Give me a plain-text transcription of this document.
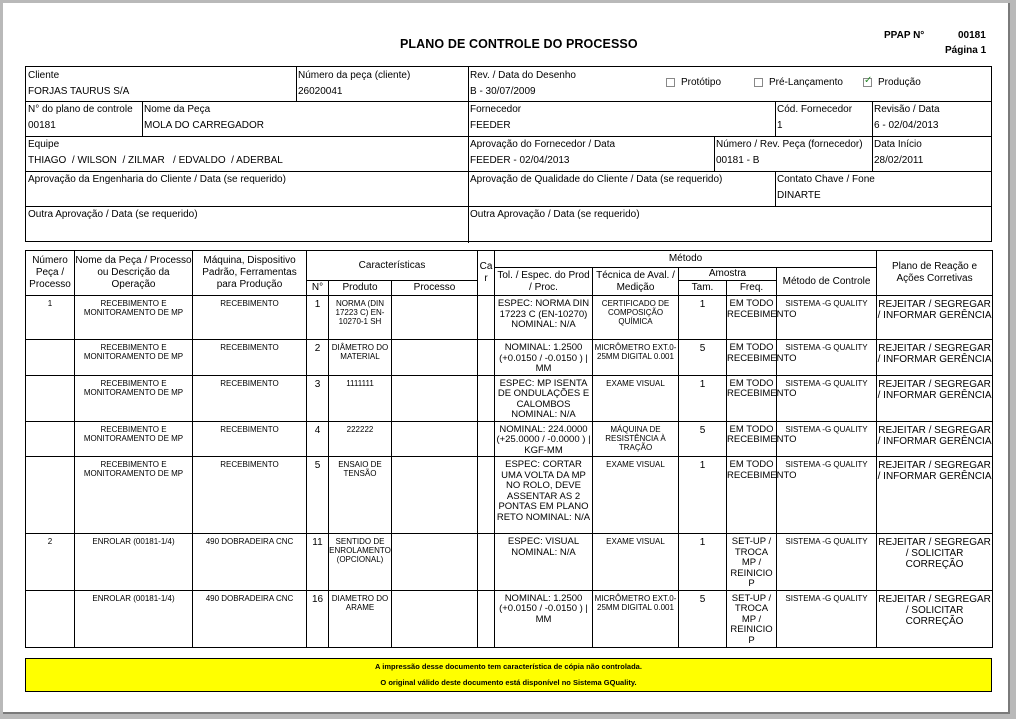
PLANO DE CONTROLE DO PROCESSO
PPAP N°	00181
Página 1
Cliente
FORJAS TAURUS S/A
Número da peça (cliente)
26020041
Rev. / Data do Desenho
B - 30/07/2009
Protótipo	Pré-Lançamento ✓	Produção
N° do plano de controle
00181
Nome da Peça
MOLA DO CARREGADOR
Fornecedor
FEEDER
Cód. Fornecedor
1
Revisão / Data
6 - 02/04/2013
Equipe
THIAGO  / WILSON  / ZILMAR   / EDVALDO  / ADERBAL
Aprovação do Fornecedor / Data
FEEDER - 02/04/2013
Número / Rev. Peça (fornecedor)
00181 - B
Data Início
28/02/2011
Aprovação da Engenharia do Cliente / Data (se requerido)	Aprovação de Qualidade do Cliente / Data (se requerido)	Contato Chave / Fone
DINARTE
Outra Aprovação / Data (se requerido)	Outra Aprovação / Data (se requerido)
Número Peça / Processo	Nome da Peça / Processo ou Descrição da Operação	Máquina, Dispositivo Padrão, Ferramentas para Produção	Características			Car	Método					Plano de Reação e Ações Corretivas
							Tol. / Espec. do Prod / Proc.	Técnica de Aval. / Medição	Amostra		Método de Controle	
			N°	Produto	Processo				Tam.	Freq.		

1	RECEBIMENTO E MONITORAMENTO DE MP	RECEBIMENTO	1	NORMA (DIN 17223 C) EN-10270-1 SH			ESPEC: NORMA DIN 17223 C (EN-10270) NOMINAL: N/A	CERTIFICADO DE COMPOSIÇÃO QUÍMICA	1	EM TODO RECEBIMENTO	SISTEMA -G QUALITY	REJEITAR / SEGREGAR / INFORMAR GERÊNCIA

	RECEBIMENTO E MONITORAMENTO DE MP	RECEBIMENTO	2	DIÂMETRO DO MATERIAL			NOMINAL: 1.2500 (+0.0150 / -0.0150 ) | MM	MICRÔMETRO EXT.0-25MM DIGITAL 0.001	5	EM TODO RECEBIMENTO	SISTEMA -G QUALITY	REJEITAR / SEGREGAR / INFORMAR GERÊNCIA

	RECEBIMENTO E MONITORAMENTO DE MP	RECEBIMENTO	3	1111111			ESPEC: MP ISENTA DE ONDULAÇÕES E CALOMBOS NOMINAL: N/A	EXAME VISUAL	1	EM TODO RECEBIMENTO	SISTEMA -G QUALITY	REJEITAR / SEGREGAR / INFORMAR GERÊNCIA

	RECEBIMENTO E MONITORAMENTO DE MP	RECEBIMENTO	4	222222			NOMINAL: 224.0000 (+25.0000 / -0.0000 ) | KGF-MM	MÁQUINA DE RESISTÊNCIA À TRAÇÃO	5	EM TODO RECEBIMENTO	SISTEMA -G QUALITY	REJEITAR / SEGREGAR / INFORMAR GERÊNCIA

	RECEBIMENTO E MONITORAMENTO DE MP	RECEBIMENTO	5	ENSAIO DE TENSÃO			ESPEC: CORTAR UMA VOLTA DA MP NO ROLO, DEVE ASSENTAR AS 2 PONTAS EM PLANO RETO NOMINAL: N/A	EXAME VISUAL	1	EM TODO RECEBIMENTO	SISTEMA -G QUALITY	REJEITAR / SEGREGAR / INFORMAR GERÊNCIA

2	ENROLAR (00181-1/4)	490 DOBRADEIRA CNC	11	SENTIDO DE ENROLAMENTO (OPCIONAL)			ESPEC: VISUAL NOMINAL: N/A	EXAME VISUAL	1	SET-UP / TROCA MP / REINICIO P	SISTEMA -G QUALITY	REJEITAR / SEGREGAR / SOLICITAR CORREÇÃO

	ENROLAR (00181-1/4)	490 DOBRADEIRA CNC	16	DIAMETRO DO ARAME			NOMINAL: 1.2500 (+0.0150 / -0.0150 ) | MM	MICRÔMETRO EXT.0-25MM DIGITAL 0.001	5	SET-UP / TROCA MP / REINICIO P	SISTEMA -G QUALITY	REJEITAR / SEGREGAR / SOLICITAR CORREÇÃO
A impressão desse documento tem característica de cópia não controlada.
O original válido deste documento está disponível no Sistema GQuality.
